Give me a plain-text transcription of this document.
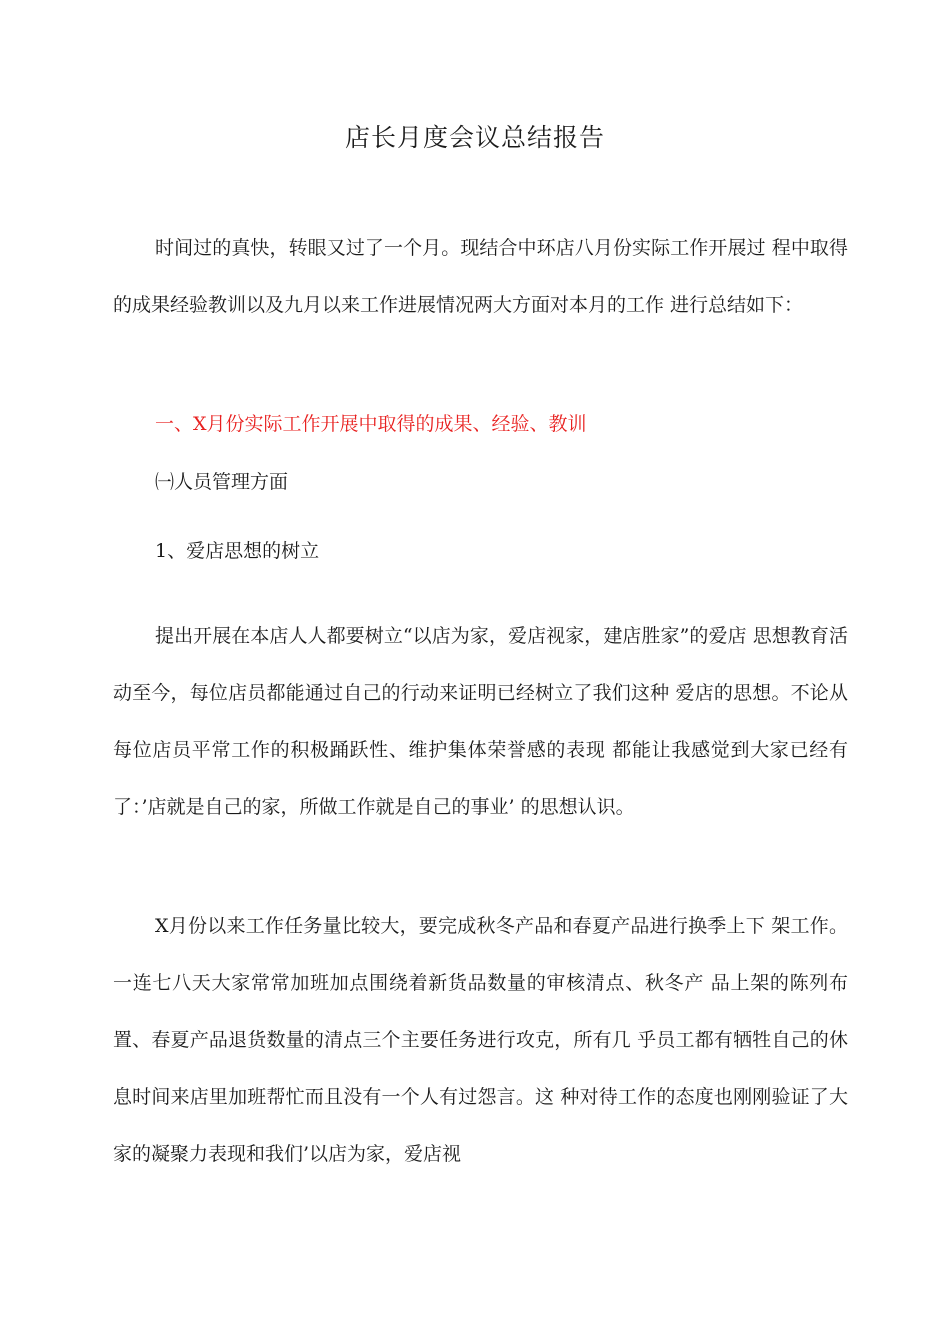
店长月度会议总结报告

时间过的真快，转眼又过了一个月。现结合中环店八月份实际工作开展过 程中取得的成果经验教训以及九月以来工作进展情况两大方面对本月的工作 进行总结如下：

一、X月份实际工作开展中取得的成果、经验、教训

㈠人员管理方面

1、爱店思想的树立

提出开展在本店人人都要树立“以店为家，爱店视家，建店胜家”的爱店 思想教育活动至今，每位店员都能通过自己的行动来证明已经树立了我们这种 爱店的思想。不论从每位店员平常工作的积极踊跃性、维护集体荣誉感的表现 都能让我感觉到大家已经有了：’店就是自己的家，所做工作就是自己的事业’ 的思想认识。

X月份以来工作任务量比较大，要完成秋冬产品和春夏产品进行换季上下 架工作。一连七八天大家常常加班加点围绕着新货品数量的审核清点、秋冬产 品上架的陈列布置、春夏产品退货数量的清点三个主要任务进行攻克，所有几 乎员工都有牺牲自己的休息时间来店里加班帮忙而且没有一个人有过怨言。这 种对待工作的态度也刚刚验证了大家的凝聚力表现和我们’以店为家，爱店视
